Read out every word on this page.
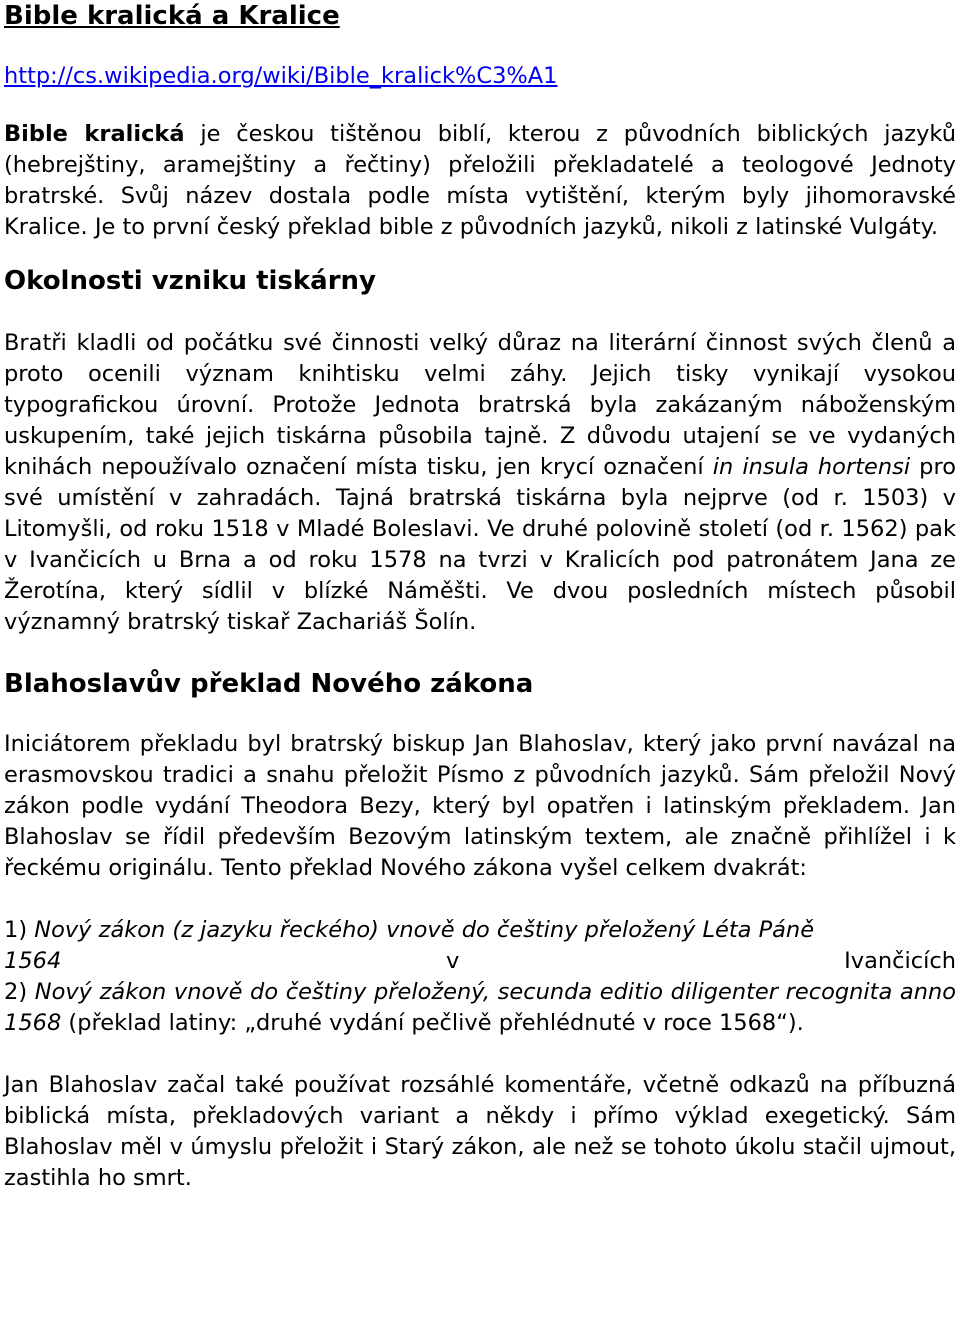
Bible kralická a Kralice
http://cs.wikipedia.org/wiki/Bible_kralick%C3%A1

Bible kralická je českou tištěnou biblí, kterou z původních biblických jazyků (hebrejštiny, aramejštiny a řečtiny) přeložili překladatelé a teologové Jednoty bratrské. Svůj název dostala podle místa vytištění, kterým byly jihomoravské Kralice. Je to první český překlad bible z původních jazyků, nikoli z latinské Vulgáty.

Okolnosti vzniku tiskárny

Bratři kladli od počátku své činnosti velký důraz na literární činnost svých členů a proto ocenili význam knihtisku velmi záhy. Jejich tisky vynikají vysokou typografickou úrovní. Protože Jednota bratrská byla zakázaným náboženským uskupením, také jejich tiskárna působila tajně. Z důvodu utajení se ve vydaných knihách nepoužívalo označení místa tisku, jen krycí označení in insula hortensi pro své umístění v zahradách. Tajná bratrská tiskárna byla nejprve (od r. 1503) v Litomyšli, od roku 1518 v Mladé Boleslavi. Ve druhé polovině století (od r. 1562) pak v Ivančicích u Brna a od roku 1578 na tvrzi v Kralicích pod patronátem Jana ze Žerotína, který sídlil v blízké Náměšti. Ve dvou posledních místech působil významný bratrský tiskař Zachariáš Šolín.

Blahoslavův překlad Nového zákona

Iniciátorem překladu byl bratrský biskup Jan Blahoslav, který jako první navázal na erasmovskou tradici a snahu přeložit Písmo z původních jazyků. Sám přeložil Nový zákon podle vydání Theodora Bezy, který byl opatřen i latinským překladem. Jan Blahoslav se řídil především Bezovým latinským textem, ale značně přihlížel i k řeckému originálu. Tento překlad Nového zákona vyšel celkem dvakrát:

1) Nový zákon (z jazyku řeckého) vnově do češtiny přeložený Léta Páně

1564	v	Ivančicích

2) Nový zákon vnově do češtiny přeložený, secunda editio diligenter recognita anno 1568 (překlad latiny: „druhé vydání pečlivě přehlédnuté v roce 1568“).

Jan Blahoslav začal také používat rozsáhlé komentáře, včetně odkazů na příbuzná biblická místa, překladových variant a někdy i přímo výklad exegetický. Sám Blahoslav měl v úmyslu přeložit i Starý zákon, ale než se tohoto úkolu stačil ujmout, zastihla ho smrt.
